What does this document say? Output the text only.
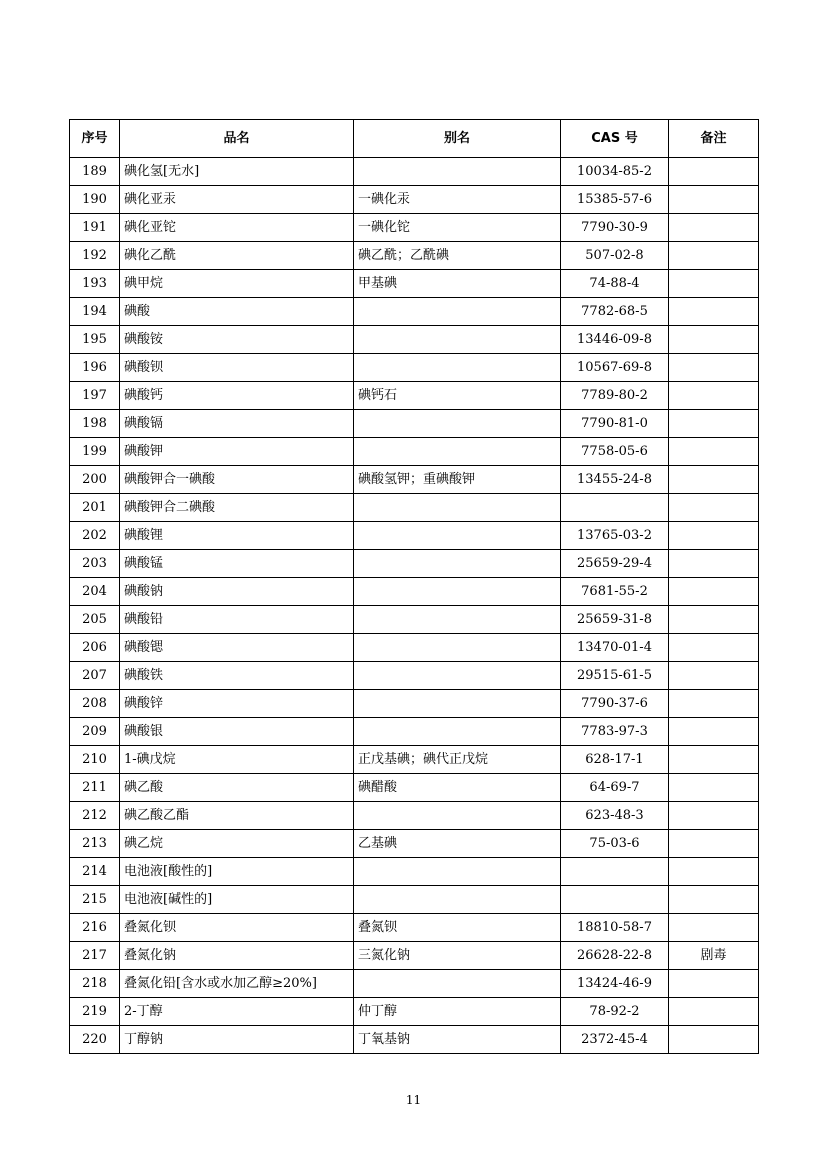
序号	品名	别名	CAS 号	备注
189	碘化氢[无水]		10034-85-2	
190	碘化亚汞	一碘化汞	15385-57-6	
191	碘化亚铊	一碘化铊	7790-30-9	
192	碘化乙酰	碘乙酰；乙酰碘	507-02-8	
193	碘甲烷	甲基碘	74-88-4	
194	碘酸		7782-68-5	
195	碘酸铵		13446-09-8	
196	碘酸钡		10567-69-8	
197	碘酸钙	碘钙石	7789-80-2	
198	碘酸镉		7790-81-0	
199	碘酸钾		7758-05-6	
200	碘酸钾合一碘酸	碘酸氢钾；重碘酸钾	13455-24-8	
201	碘酸钾合二碘酸			
202	碘酸锂		13765-03-2	
203	碘酸锰		25659-29-4	
204	碘酸钠		7681-55-2	
205	碘酸铅		25659-31-8	
206	碘酸锶		13470-01-4	
207	碘酸铁		29515-61-5	
208	碘酸锌		7790-37-6	
209	碘酸银		7783-97-3	
210	1-碘戊烷	正戊基碘；碘代正戊烷	628-17-1	
211	碘乙酸	碘醋酸	64-69-7	
212	碘乙酸乙酯		623-48-3	
213	碘乙烷	乙基碘	75-03-6	
214	电池液[酸性的]			
215	电池液[碱性的]			
216	叠氮化钡	叠氮钡	18810-58-7	
217	叠氮化钠	三氮化钠	26628-22-8	剧毒
218	叠氮化铅[含水或水加乙醇≥20%]		13424-46-9	
219	2-丁醇	仲丁醇	78-92-2	
220	丁醇钠	丁氧基钠	2372-45-4	
11
